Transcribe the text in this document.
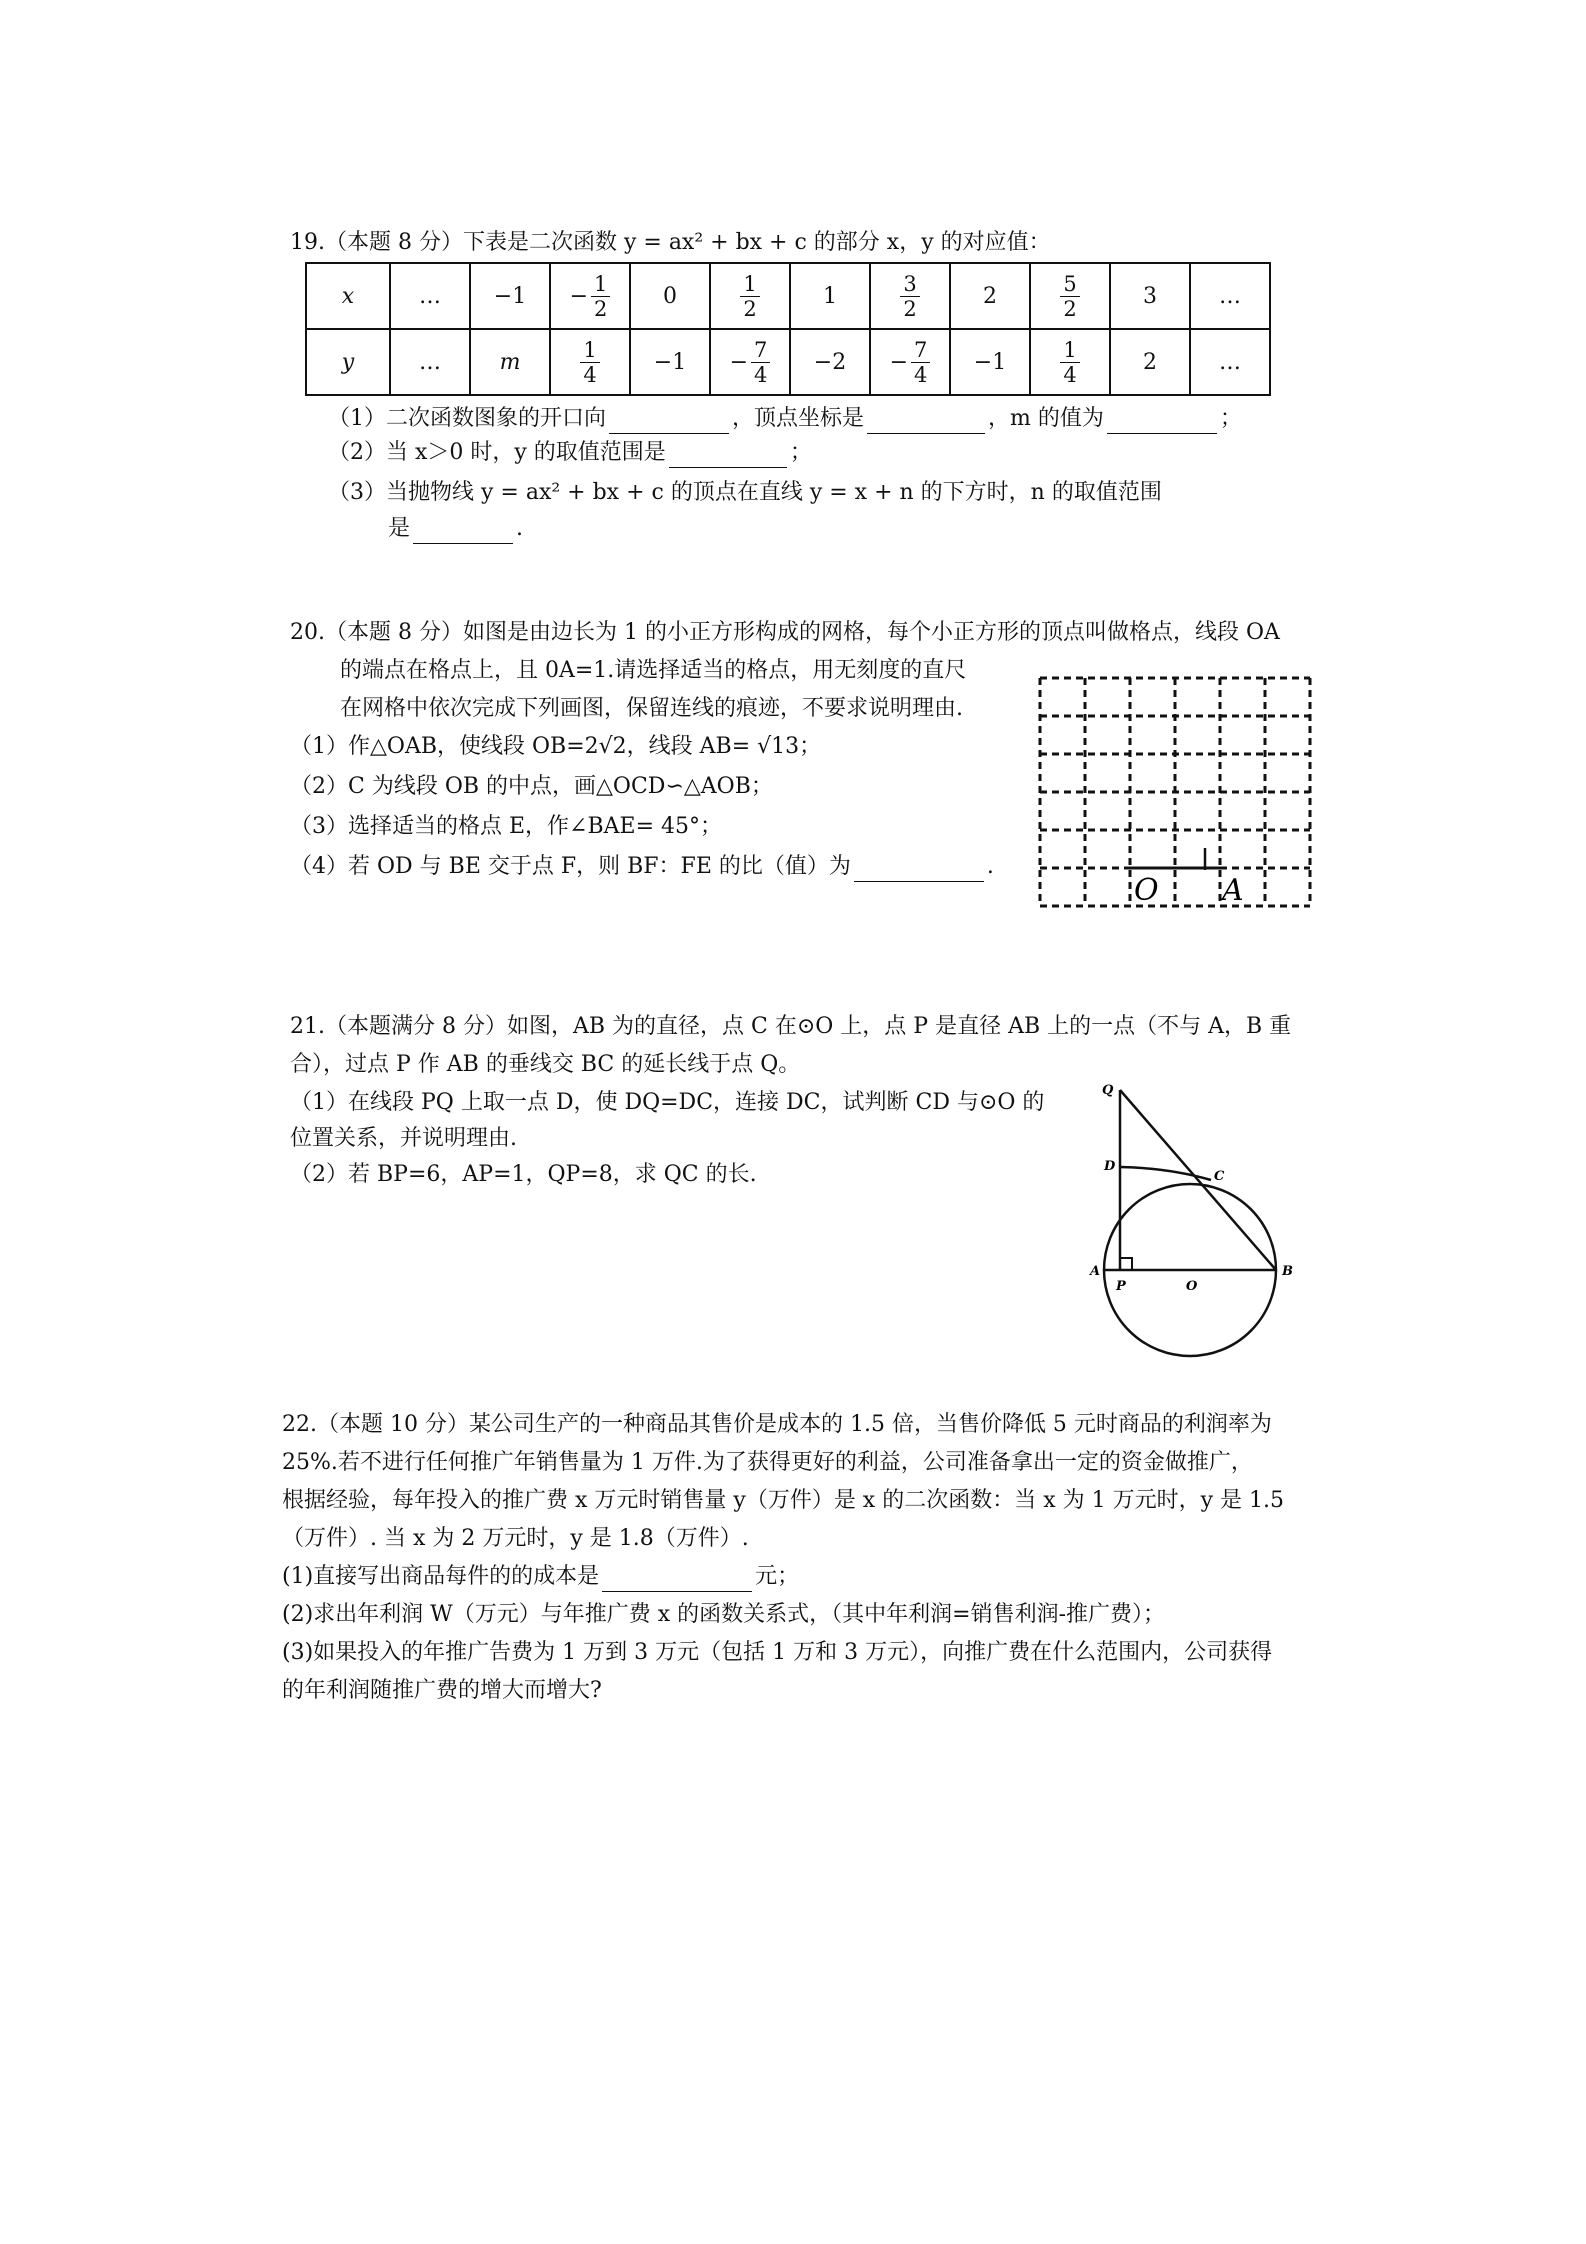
19.（本题 8 分）下表是二次函数 y = ax² + bx + c 的部分 x，y 的对应值：
x	…	−1	− $\frac{1}{2}$	0	$\frac{1}{2}$	1	$\frac{3}{2}$	2	$\frac{5}{2}$	3	…
y	…	m	$\frac{1}{4}$	−1	− $\frac{7}{4}$	−2	− $\frac{7}{4}$	−1	$\frac{1}{4}$	2	…
（1）二次函数图象的开口向	，顶点坐标是	，m 的值为	；
（2）当 x＞0 时，y 的取值范围是	；
（3）当抛物线 y = ax² + bx + c 的顶点在直线 y = x + n 的下方时，n 的取值范围
是	.
20.（本题 8 分）如图是由边长为 1 的小正方形构成的网格，每个小正方形的顶点叫做格点，线段 OA
的端点在格点上，且 0A=1.请选择适当的格点，用无刻度的直尺
在网格中依次完成下列画图，保留连线的痕迹，不要求说明理由.
（1）作△OAB，使线段 OB=2√2，线段 AB= √13；
（2）C 为线段 OB 的中点，画△OCD∽△AOB；
（3）选择适当的格点 E，作∠BAE= 45°；
（4）若 OD 与 BE 交于点 F，则 BF：FE 的比（值）为	.
O A
21.（本题满分 8 分）如图，AB 为的直径，点 C 在⊙O 上，点 P 是直径 AB 上的一点（不与 A，B 重
合），过点 P 作 AB 的垂线交 BC 的延长线于点 Q。
（1）在线段 PQ 上取一点 D，使 DQ=DC，连接 DC，试判断 CD 与⊙O 的
位置关系，并说明理由.
（2）若 BP=6，AP=1，QP=8，求 QC 的长.
Q
D
C
A
P	O
B
22.（本题 10 分）某公司生产的一种商品其售价是成本的 1.5 倍，当售价降低 5 元时商品的利润率为
25%.若不进行任何推广年销售量为 1 万件.为了获得更好的利益，公司准备拿出一定的资金做推广，
根据经验，每年投入的推广费 x 万元时销售量 y（万件）是 x 的二次函数：当 x 为 1 万元时，y 是 1.5
（万件）. 当 x 为 2 万元时，y 是 1.8（万件）.
(1)直接写出商品每件的的成本是	元；
(2)求出年利润 W（万元）与年推广费 x 的函数关系式，（其中年利润=销售利润-推广费）；
(3)如果投入的年推广告费为 1 万到 3 万元（包括 1 万和 3 万元），向推广费在什么范围内，公司获得
的年利润随推广费的增大而增大?
